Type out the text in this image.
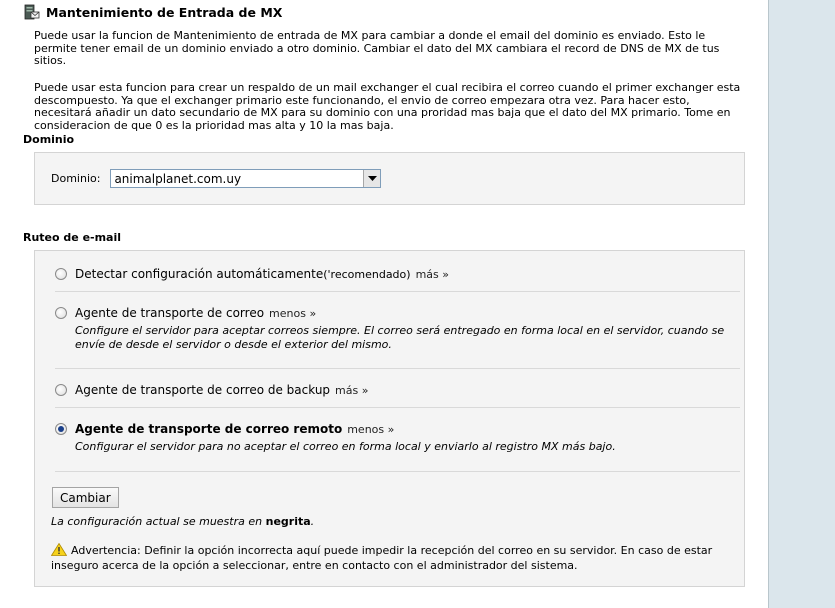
Mantenimiento de Entrada de MX
Puede usar la funcion de Mantenimiento de entrada de MX para cambiar a donde el email del dominio es enviado. Esto le permite tener email de un dominio enviado a otro dominio. Cambiar el dato del MX cambiara el record de DNS de MX de tus sitios.
Puede usar esta funcion para crear un respaldo de un mail exchanger el cual recibira el correo cuando el primer exchanger esta descompuesto. Ya que el exchanger primario este funcionando, el envio de correo empezara otra vez. Para hacer esto, necesitará añadir un dato secundario de MX para su dominio con una proridad mas baja que el dato del MX primario. Tome en consideracion de que 0 es la prioridad mas alta y 10 la mas baja.
Dominio
Dominio: animalplanet.com.uy
Ruteo de e-mail
Detectar configuración automáticamente ('recomendado) más »
Agente de transporte de correo menos »
Configure el servidor para aceptar correos siempre. El correo será entregado en forma local en el servidor, cuando se envíe de desde el servidor o desde el exterior del mismo.
Agente de transporte de correo de backup más »
Agente de transporte de correo remoto menos »
Configurar el servidor para no aceptar el correo en forma local y enviarlo al registro MX más bajo.
Cambiar
La configuración actual se muestra en negrita.
Advertencia: Definir la opción incorrecta aquí puede impedir la recepción del correo en su servidor. En caso de estar inseguro acerca de la opción a seleccionar, entre en contacto con el administrador del sistema.
